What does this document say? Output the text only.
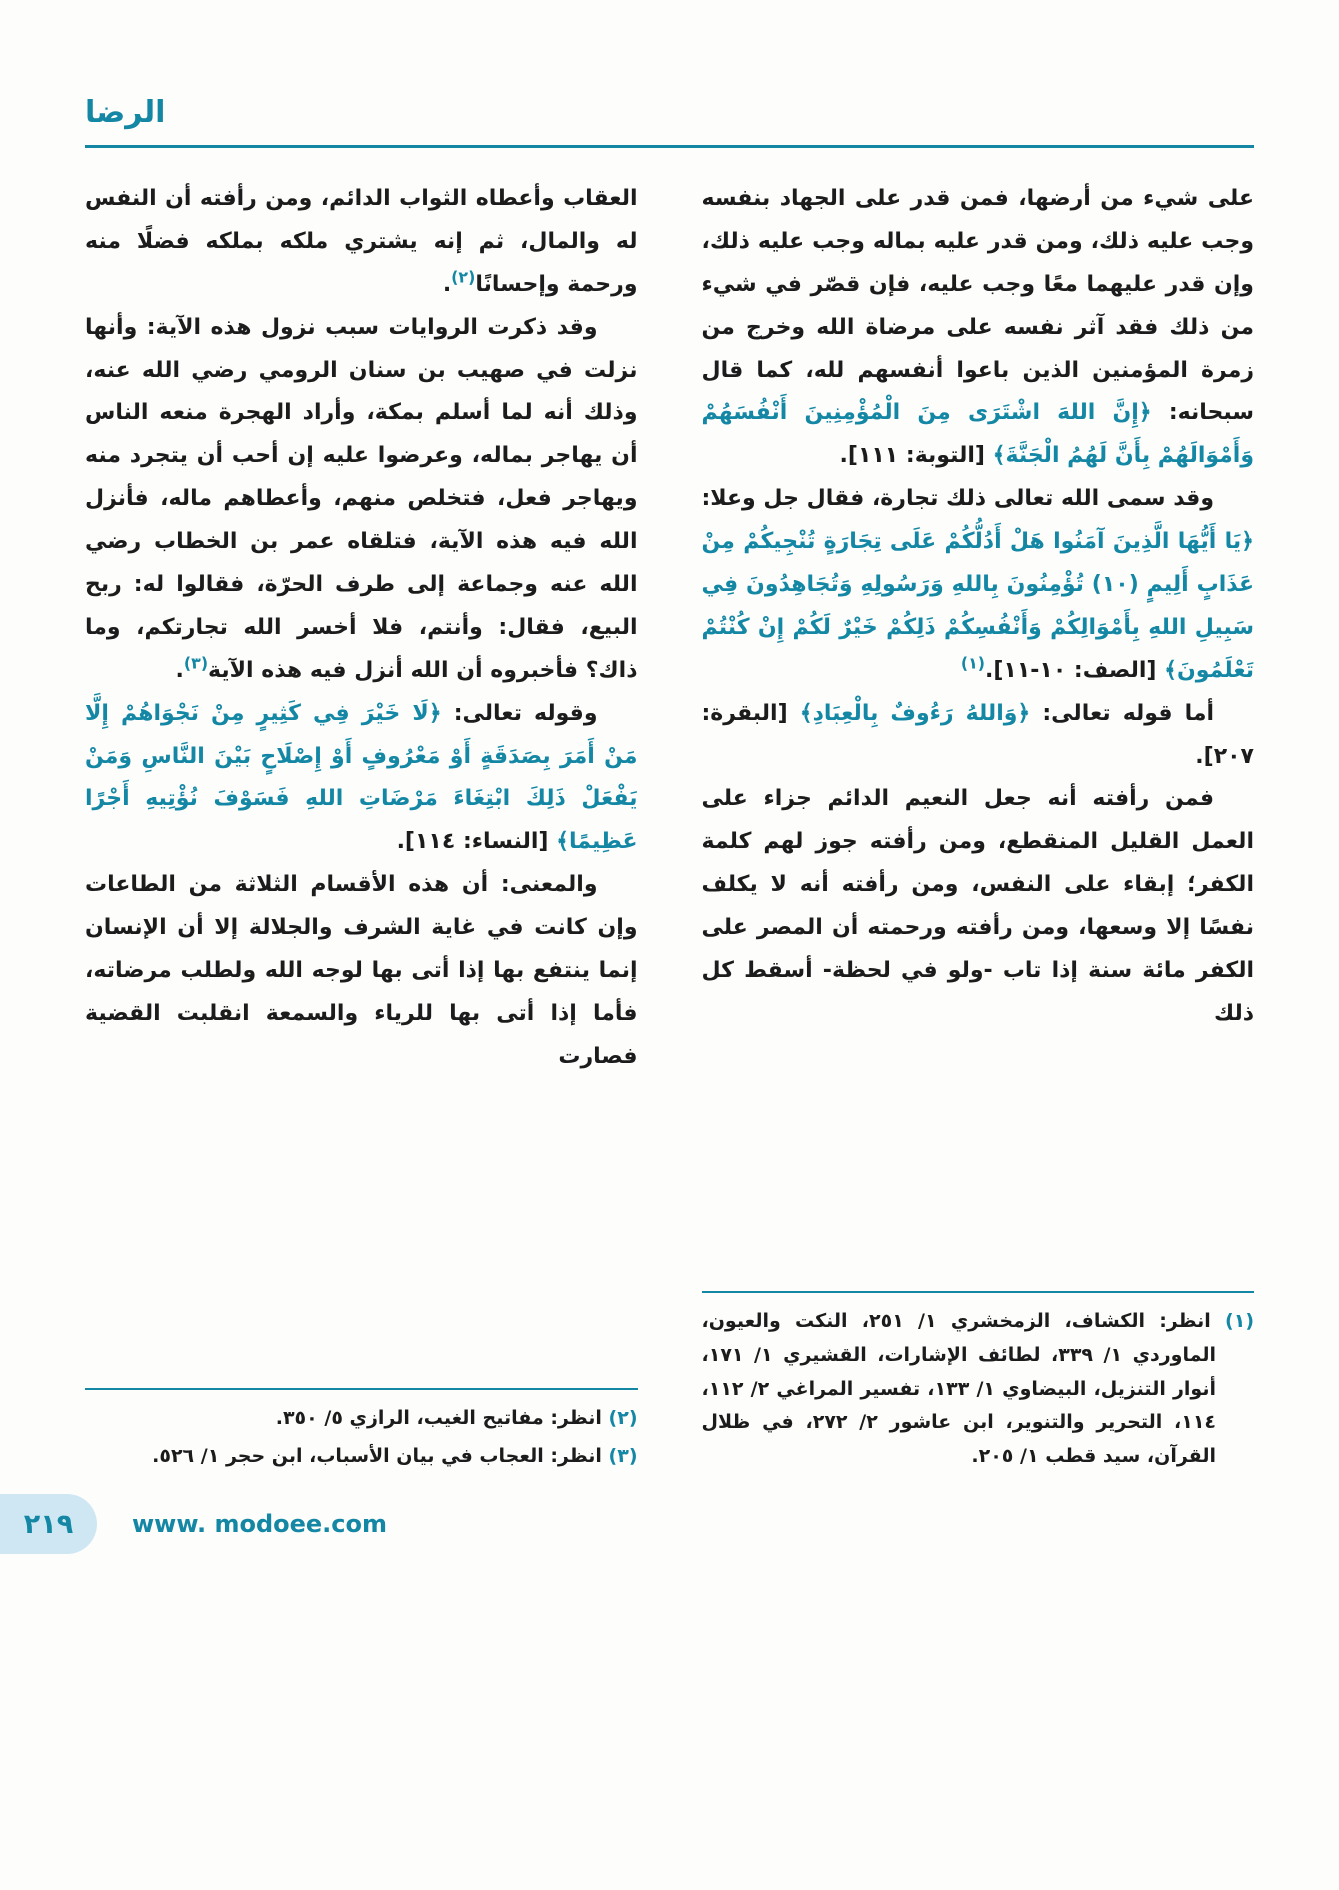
الرضا

على شيء من أرضها، فمن قدر على الجهاد بنفسه وجب عليه ذلك، ومن قدر عليه بماله وجب عليه ذلك، وإن قدر عليهما معًا وجب عليه، فإن قصّر في شيء من ذلك فقد آثر نفسه على مرضاة الله وخرج من زمرة المؤمنين الذين باعوا أنفسهم لله، كما قال سبحانه: ﴿إِنَّ اللهَ اشْتَرَى مِنَ الْمُؤْمِنِينَ أَنْفُسَهُمْ وَأَمْوَالَهُمْ بِأَنَّ لَهُمُ الْجَنَّةَ﴾ [التوبة: ١١١].

وقد سمى الله تعالى ذلك تجارة، فقال جل وعلا: ﴿يَا أَيُّهَا الَّذِينَ آمَنُوا هَلْ أَدُلُّكُمْ عَلَى تِجَارَةٍ تُنْجِيكُمْ مِنْ عَذَابٍ أَلِيمٍ (١٠) تُؤْمِنُونَ بِاللهِ وَرَسُولِهِ وَتُجَاهِدُونَ فِي سَبِيلِ اللهِ بِأَمْوَالِكُمْ وَأَنْفُسِكُمْ ذَلِكُمْ خَيْرٌ لَكُمْ إِنْ كُنْتُمْ تَعْلَمُونَ﴾ [الصف: ١٠-١١].$^{(١)}$

أما قوله تعالى: ﴿وَاللهُ رَءُوفٌ بِالْعِبَادِ﴾ [البقرة: ٢٠٧].

فمن رأفته أنه جعل النعيم الدائم جزاء على العمل القليل المنقطع، ومن رأفته جوز لهم كلمة الكفر؛ إبقاء على النفس، ومن رأفته أنه لا يكلف نفسًا إلا وسعها، ومن رأفته ورحمته أن المصر على الكفر مائة سنة إذا تاب -ولو في لحظة- أسقط كل ذلك

(١) انظر: الكشاف، الزمخشري ١/ ٢٥١، النكت والعيون، الماوردي ١/ ٣٣٩، لطائف الإشارات، القشيري ١/ ١٧١، أنوار التنزيل، البيضاوي ١/ ١٣٣، تفسير المراغي ٢/ ١١٢، ١١٤، التحرير والتنوير، ابن عاشور ٢/ ٢٧٢، في ظلال القرآن، سيد قطب ١/ ٢٠٥.

العقاب وأعطاه الثواب الدائم، ومن رأفته أن النفس له والمال، ثم إنه يشتري ملكه بملكه فضلًا منه ورحمة وإحسانًا$^{(٢)}$.

وقد ذكرت الروايات سبب نزول هذه الآية: وأنها نزلت في صهيب بن سنان الرومي رضي الله عنه، وذلك أنه لما أسلم بمكة، وأراد الهجرة منعه الناس أن يهاجر بماله، وعرضوا عليه إن أحب أن يتجرد منه ويهاجر فعل، فتخلص منهم، وأعطاهم ماله، فأنزل الله فيه هذه الآية، فتلقاه عمر بن الخطاب رضي الله عنه وجماعة إلى طرف الحرّة، فقالوا له: ربح البيع، فقال: وأنتم، فلا أخسر الله تجارتكم، وما ذاك؟ فأخبروه أن الله أنزل فيه هذه الآية$^{(٣)}$.

وقوله تعالى: ﴿لَا خَيْرَ فِي كَثِيرٍ مِنْ نَجْوَاهُمْ إِلَّا مَنْ أَمَرَ بِصَدَقَةٍ أَوْ مَعْرُوفٍ أَوْ إِصْلَاحٍ بَيْنَ النَّاسِ وَمَنْ يَفْعَلْ ذَلِكَ ابْتِغَاءَ مَرْضَاتِ اللهِ فَسَوْفَ نُؤْتِيهِ أَجْرًا عَظِيمًا﴾ [النساء: ١١٤].

والمعنى: أن هذه الأقسام الثلاثة من الطاعات وإن كانت في غاية الشرف والجلالة إلا أن الإنسان إنما ينتفع بها إذا أتى بها لوجه الله ولطلب مرضاته، فأما إذا أتى بها للرياء والسمعة انقلبت القضية فصارت

(٢) انظر: مفاتيح الغيب، الرازي ٥/ ٣٥٠.

(٣) انظر: العجاب في بيان الأسباب، ابن حجر ١/ ٥٢٦.

٢١٩ www. modoee.com
